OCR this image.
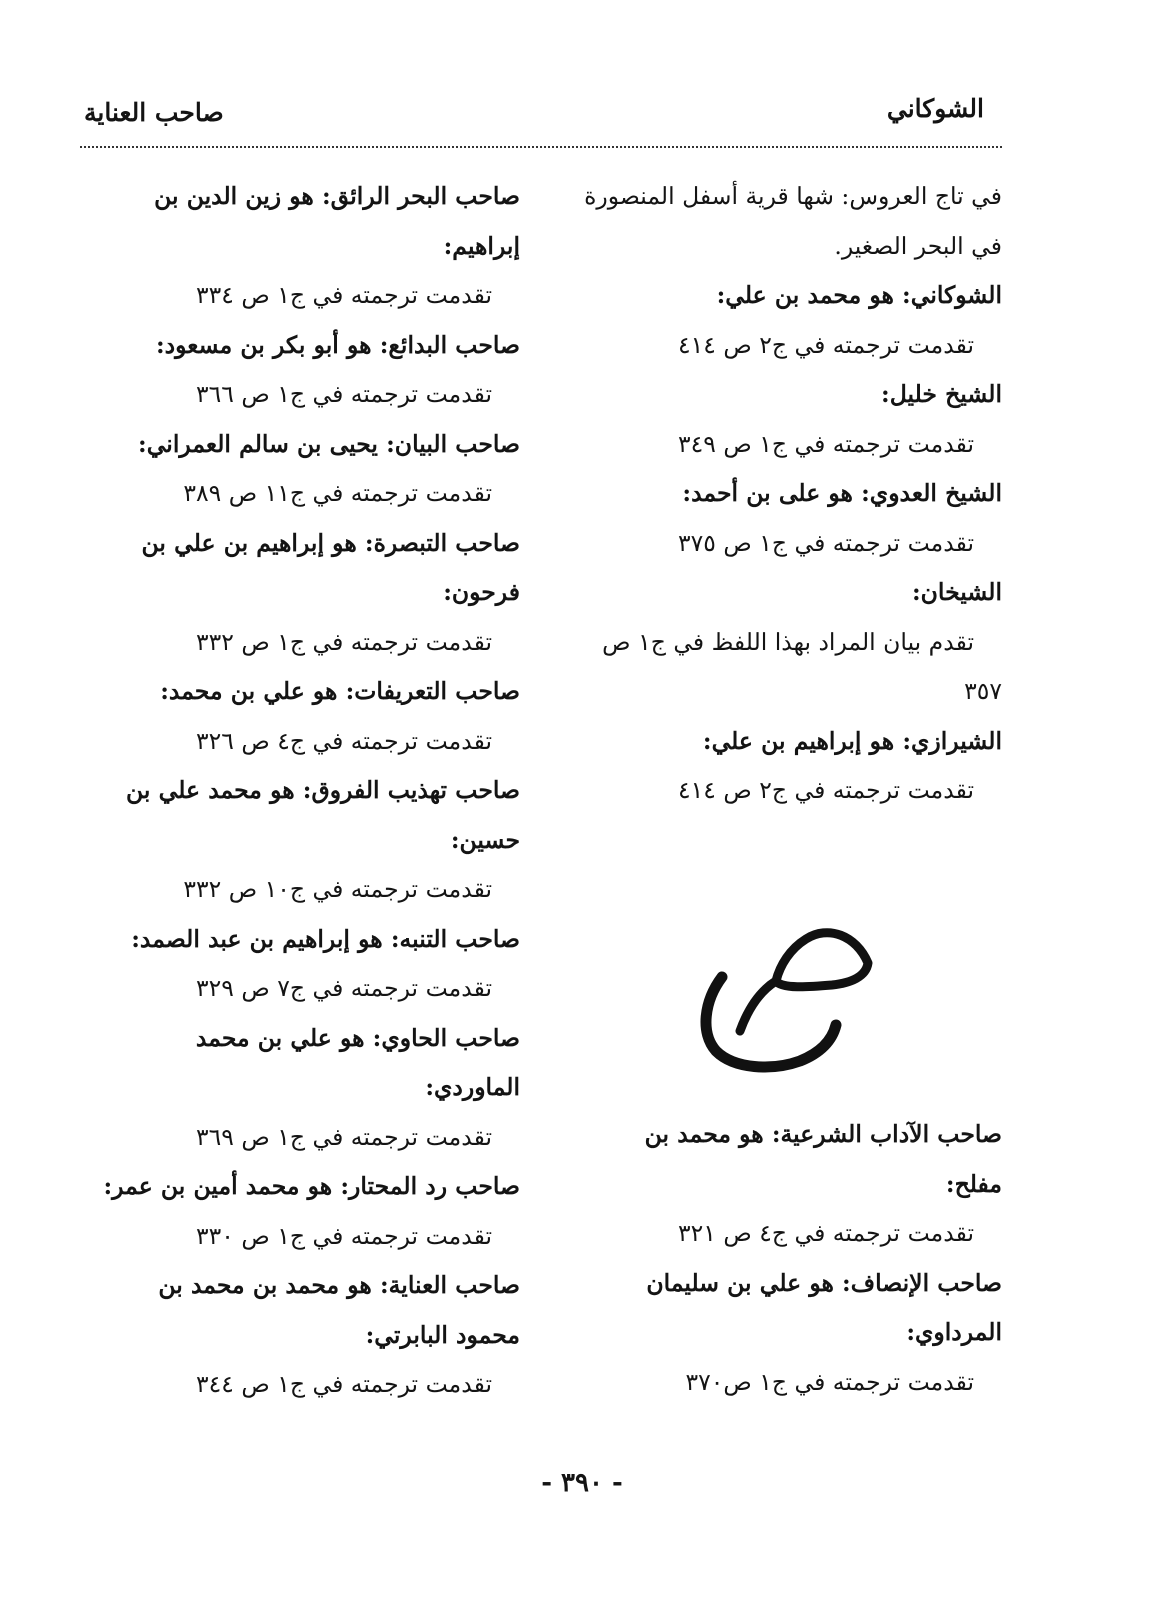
الشوكاني
صاحب العناية
في تاج العروس: شها قرية أسفل المنصورة
في البحر الصغير.
الشوكاني: هو محمد بن علي:
تقدمت ترجمته في ج٢ ص ٤١٤
الشيخ خليل:
تقدمت ترجمته في ج١ ص ٣٤٩
الشيخ العدوي: هو على بن أحمد:
تقدمت ترجمته في ج١ ص ٣٧٥
الشيخان:
تقدم بيان المراد بهذا اللفظ في ج١ ص
٣٥٧
الشيرازي: هو إبراهيم بن علي:
تقدمت ترجمته في ج٢ ص ٤١٤
صاحب الآداب الشرعية: هو محمد بن
مفلح:
تقدمت ترجمته في ج٤ ص ٣٢١
صاحب الإنصاف: هو علي بن سليمان
المرداوي:
تقدمت ترجمته في ج١ ص٣٧٠
صاحب البحر الرائق: هو زين الدين بن
إبراهيم:
تقدمت ترجمته في ج١ ص ٣٣٤
صاحب البدائع: هو أبو بكر بن مسعود:
تقدمت ترجمته في ج١ ص ٣٦٦
صاحب البيان: يحيى بن سالم العمراني:
تقدمت ترجمته في ج١١ ص ٣٨٩
صاحب التبصرة: هو إبراهيم بن علي بن
فرحون:
تقدمت ترجمته في ج١ ص ٣٣٢
صاحب التعريفات: هو علي بن محمد:
تقدمت ترجمته في ج٤ ص ٣٢٦
صاحب تهذيب الفروق: هو محمد علي بن
حسين:
تقدمت ترجمته في ج١٠ ص ٣٣٢
صاحب التنبه: هو إبراهيم بن عبد الصمد:
تقدمت ترجمته في ج٧ ص ٣٢٩
صاحب الحاوي: هو علي بن محمد
الماوردي:
تقدمت ترجمته في ج١ ص ٣٦٩
صاحب رد المحتار: هو محمد أمين بن عمر:
تقدمت ترجمته في ج١ ص ٣٣٠
صاحب العناية: هو محمد بن محمد بن
محمود البابرتي:
تقدمت ترجمته في ج١ ص ٣٤٤
- ٣٩٠ -
